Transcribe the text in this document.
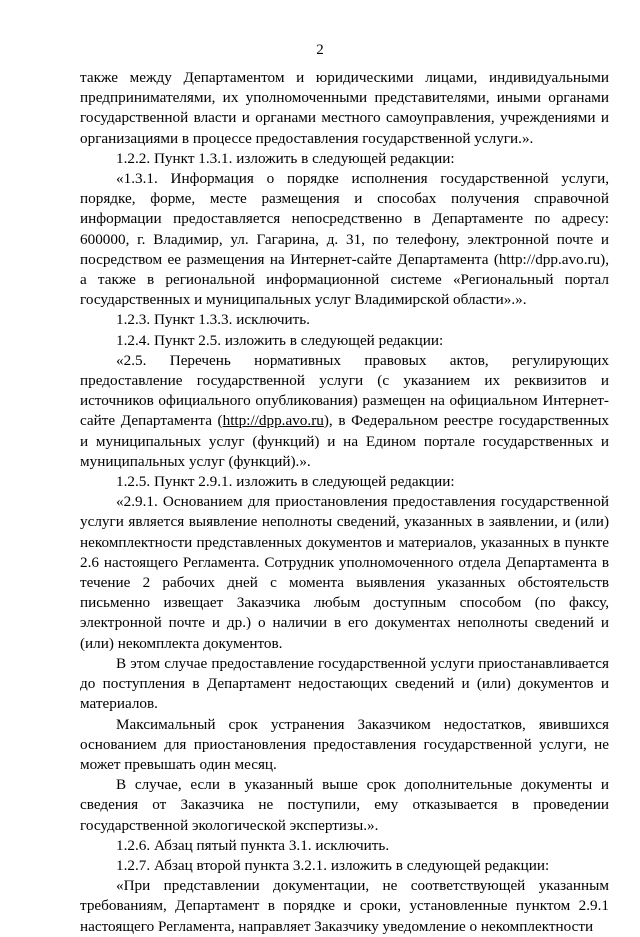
2

также между Департаментом и юридическими лицами, индивидуальными предпринимателями, их уполномоченными представителями, иными органами государственной власти и органами местного самоуправления, учреждениями и организациями в процессе предоставления государственной услуги.».

1.2.2. Пункт 1.3.1. изложить в следующей редакции:

«1.3.1. Информация о порядке исполнения государственной услуги, порядке, форме, месте размещения и способах получения справочной информации предоставляется непосредственно в Департаменте по адресу: 600000, г. Владимир, ул. Гагарина, д. 31, по телефону, электронной почте и посредством ее размещения на Интернет-сайте Департамента (http://dpp.avo.ru), а также в региональной информационной системе «Региональный портал государственных и муниципальных услуг Владимирской области».».

1.2.3. Пункт 1.3.3. исключить.

1.2.4. Пункт 2.5. изложить в следующей редакции:

«2.5. Перечень нормативных правовых актов, регулирующих предоставление государственной услуги (с указанием их реквизитов и источников официального опубликования) размещен на официальном Интернет-сайте Департамента (http://dpp.avo.ru), в Федеральном реестре государственных и муниципальных услуг (функций) и на Едином портале государственных и муниципальных услуг (функций).».

1.2.5. Пункт 2.9.1. изложить в следующей редакции:

«2.9.1. Основанием для приостановления предоставления государственной услуги является выявление неполноты сведений, указанных в заявлении, и (или) некомплектности представленных документов и материалов, указанных в пункте 2.6 настоящего Регламента. Сотрудник уполномоченного отдела Департамента в течение 2 рабочих дней с момента выявления указанных обстоятельств письменно извещает Заказчика любым доступным способом (по факсу, электронной почте и др.) о наличии в его документах неполноты сведений и (или) некомплекта документов.

В этом случае предоставление государственной услуги приостанавливается до поступления в Департамент недостающих сведений и (или) документов и материалов.

Максимальный срок устранения Заказчиком недостатков, явившихся основанием для приостановления предоставления государственной услуги, не может превышать один месяц.

В случае, если в указанный выше срок дополнительные документы и сведения от Заказчика не поступили, ему отказывается в проведении государственной экологической экспертизы.».

1.2.6. Абзац пятый пункта 3.1. исключить.

1.2.7. Абзац второй пункта 3.2.1. изложить в следующей редакции:

«При представлении документации, не соответствующей указанным требованиям, Департамент в порядке и сроки, установленные пунктом 2.9.1 настоящего Регламента, направляет Заказчику уведомление о некомплектности
